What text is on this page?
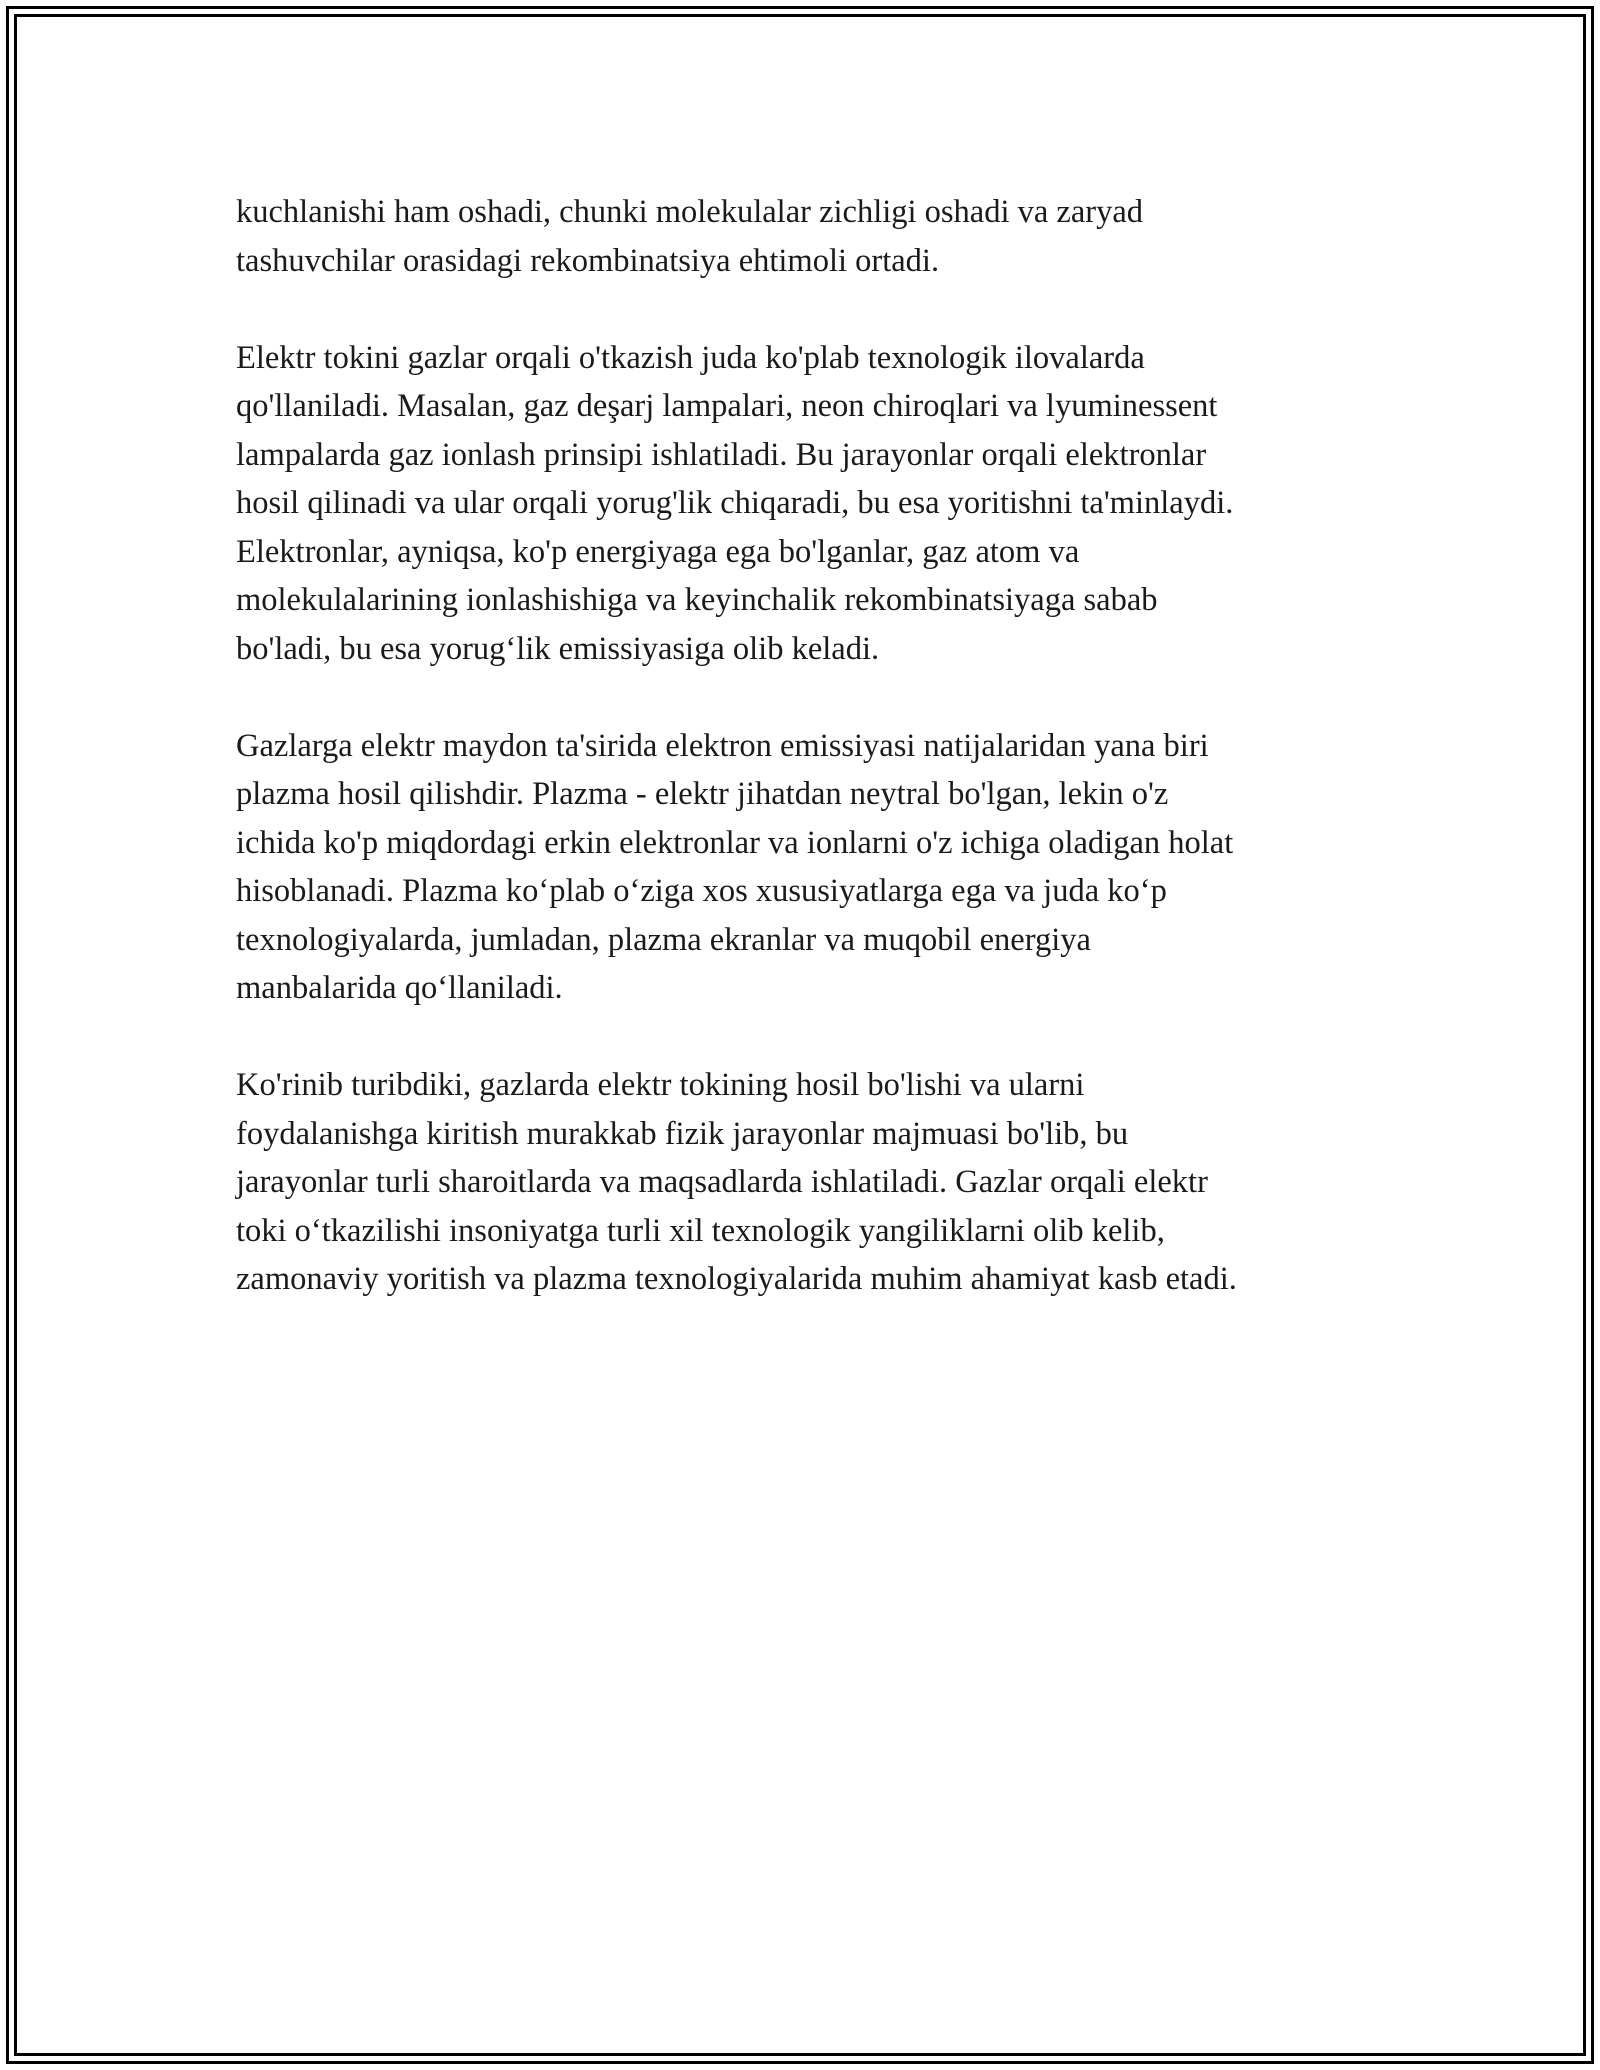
kuchlanishi ham oshadi, chunki molekulalar zichligi oshadi va zaryad
tashuvchilar orasidagi rekombinatsiya ehtimoli ortadi.

Elektr tokini gazlar orqali o'tkazish juda ko'plab texnologik ilovalarda
qo'llaniladi. Masalan, gaz deşarj lampalari, neon chiroqlari va lyuminessent
lampalarda gaz ionlash prinsipi ishlatiladi. Bu jarayonlar orqali elektronlar
hosil qilinadi va ular orqali yorug'lik chiqaradi, bu esa yoritishni ta'minlaydi.
Elektronlar, ayniqsa, ko'p energiyaga ega bo'lganlar, gaz atom va
molekulalarining ionlashishiga va keyinchalik rekombinatsiyaga sabab
bo'ladi, bu esa yorug‘lik emissiyasiga olib keladi.

Gazlarga elektr maydon ta'sirida elektron emissiyasi natijalaridan yana biri
plazma hosil qilishdir. Plazma - elektr jihatdan neytral bo'lgan, lekin o'z
ichida ko'p miqdordagi erkin elektronlar va ionlarni o'z ichiga oladigan holat
hisoblanadi. Plazma ko‘plab o‘ziga xos xususiyatlarga ega va juda ko‘p
texnologiyalarda, jumladan, plazma ekranlar va muqobil energiya
manbalarida qo‘llaniladi.

Ko'rinib turibdiki, gazlarda elektr tokining hosil bo'lishi va ularni
foydalanishga kiritish murakkab fizik jarayonlar majmuasi bo'lib, bu
jarayonlar turli sharoitlarda va maqsadlarda ishlatiladi. Gazlar orqali elektr
toki o‘tkazilishi insoniyatga turli xil texnologik yangiliklarni olib kelib,
zamonaviy yoritish va plazma texnologiyalarida muhim ahamiyat kasb etadi.
